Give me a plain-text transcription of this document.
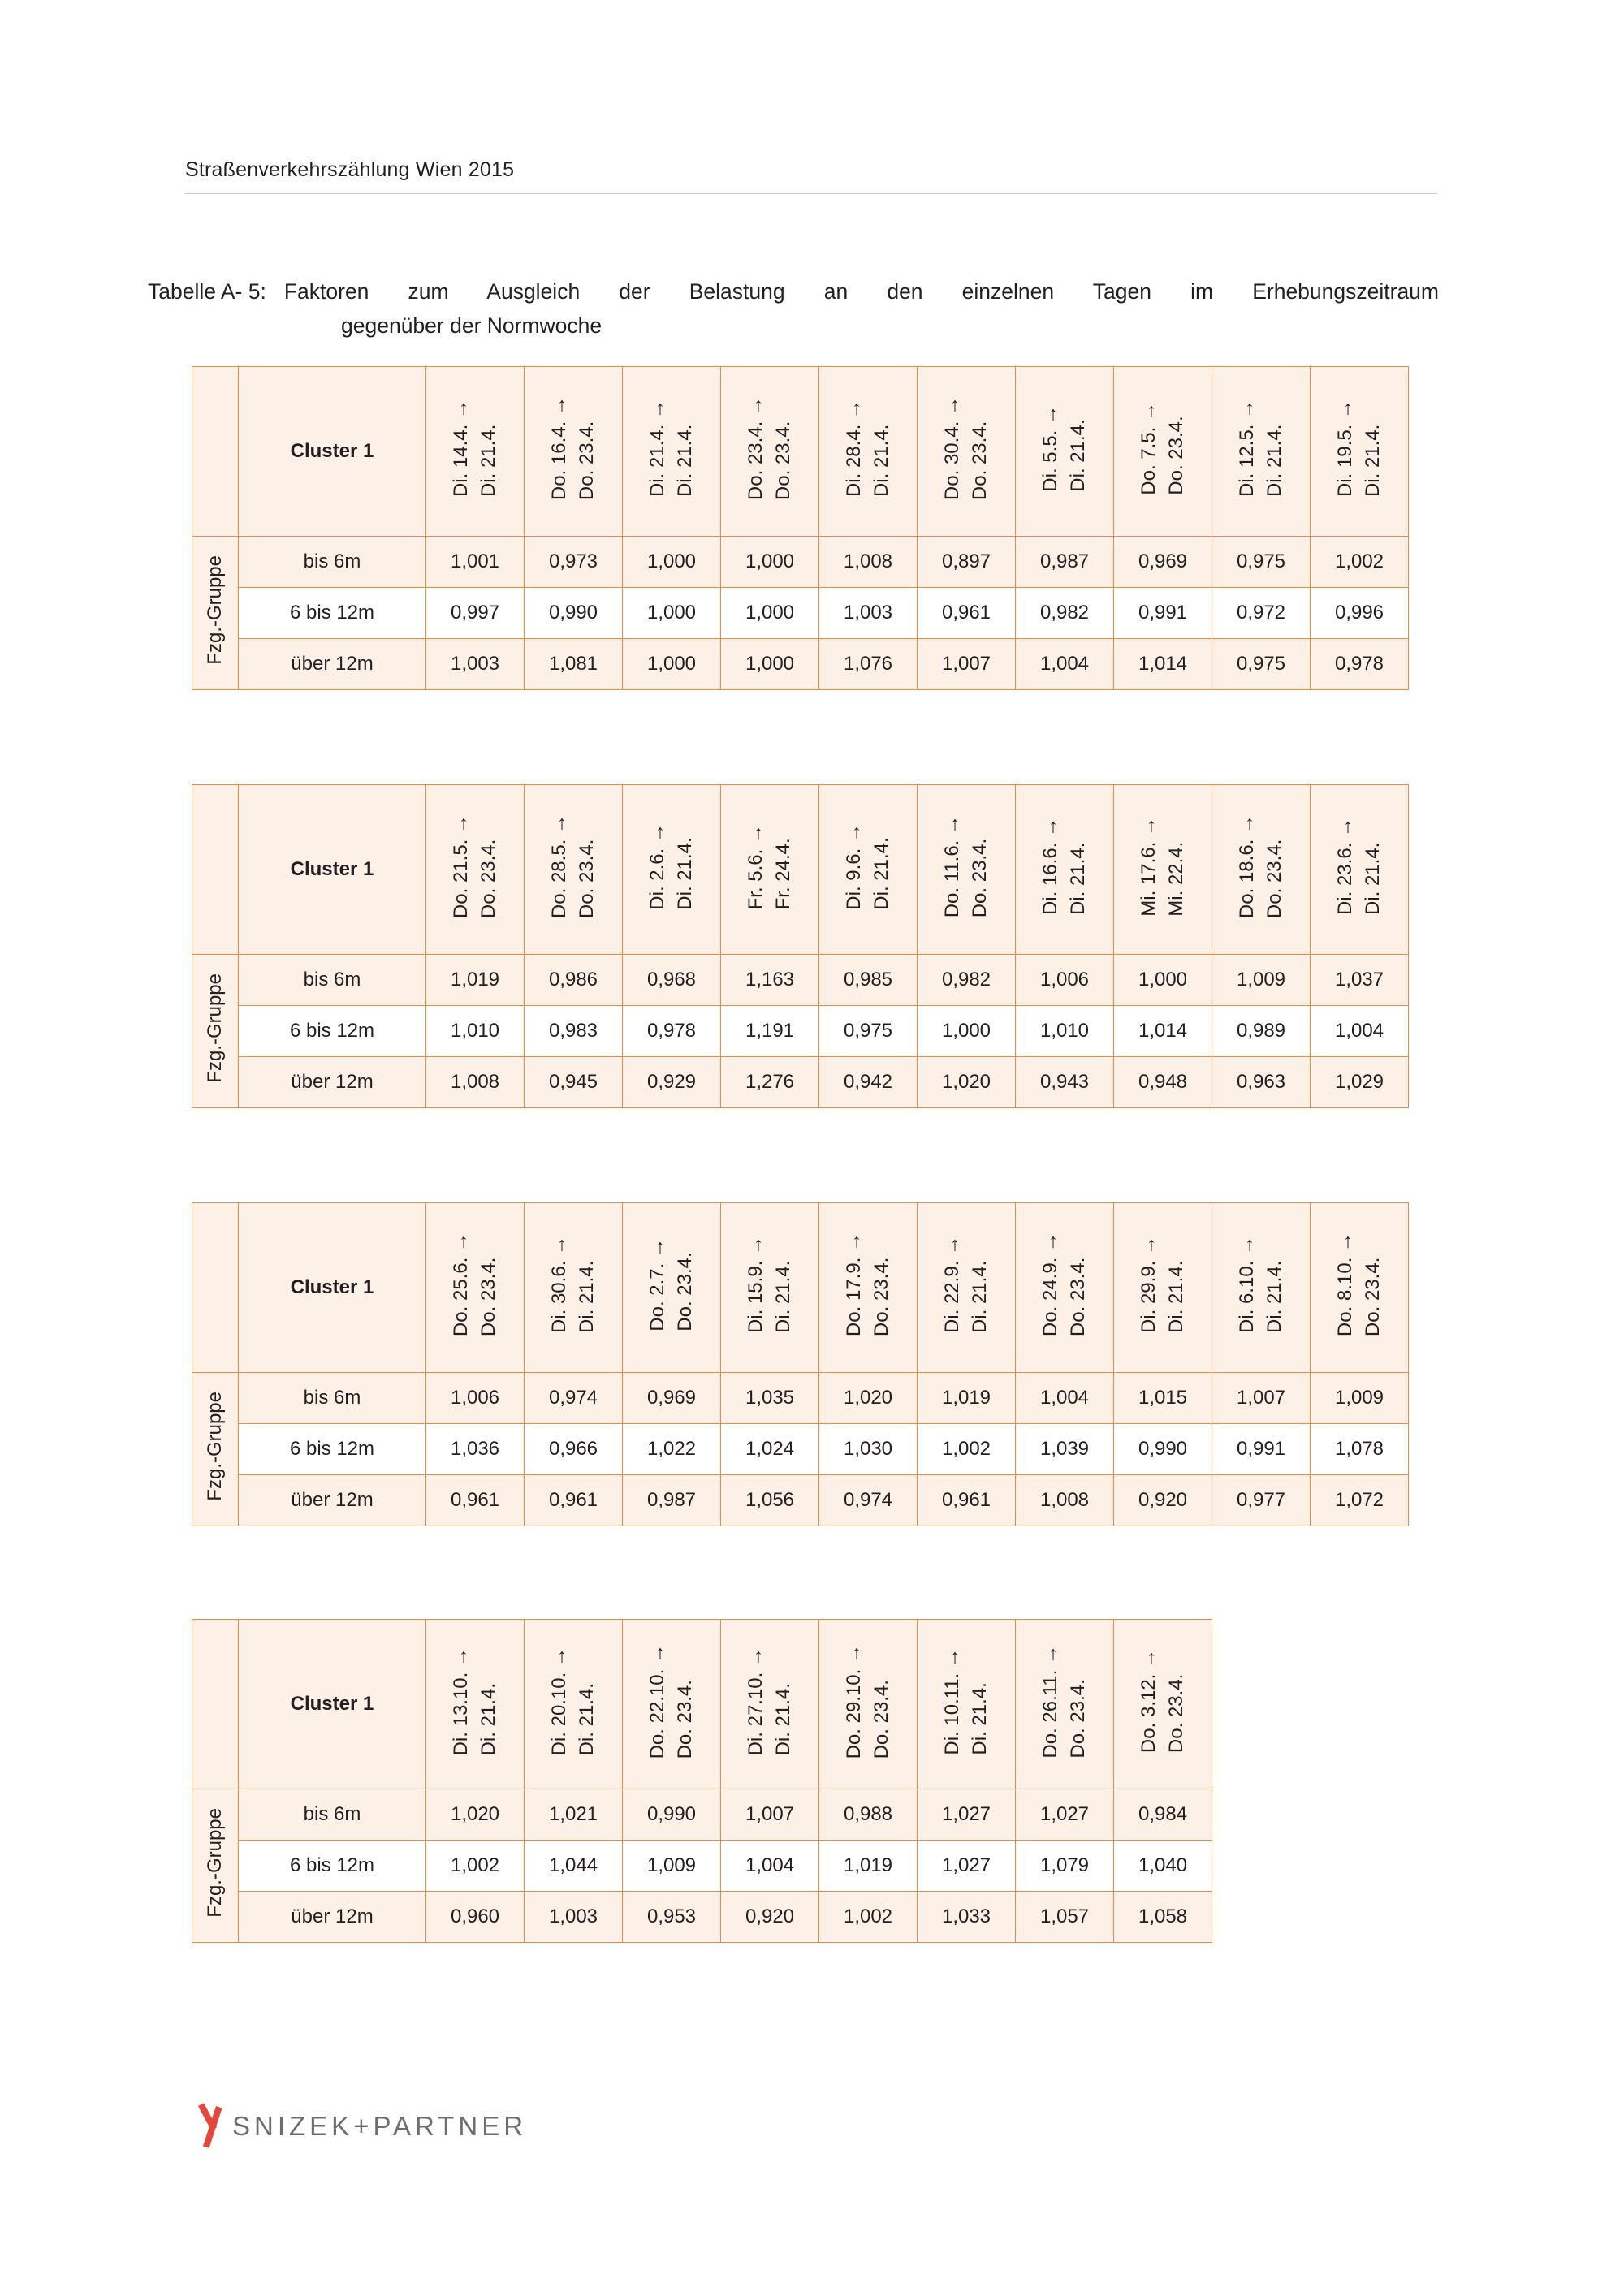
Straßenverkehrszählung Wien 2015
Tabelle A- 5: Faktoren zum Ausgleich der Belastung an den einzelnen Tagen im Erhebungszeitraum
gegenüber der Normwoche
	Cluster 1	Di. 14.4. → Di. 21.4.	Do. 16.4. → Do. 23.4.	Di. 21.4. → Di. 21.4.	Do. 23.4. → Do. 23.4.	Di. 28.4. → Di. 21.4.	Do. 30.4. → Do. 23.4.	Di. 5.5. → Di. 21.4.	Do. 7.5. → Do. 23.4.	Di. 12.5. → Di. 21.4.	Di. 19.5. → Di. 21.4.

Fzg.-Gruppe	bis 6m	1,001	0,973	1,000	1,000	1,008	0,897	0,987	0,969	0,975	1,002
	6 bis 12m	0,997	0,990	1,000	1,000	1,003	0,961	0,982	0,991	0,972	0,996
	über 12m	1,003	1,081	1,000	1,000	1,076	1,007	1,004	1,014	0,975	0,978
	Cluster 1	Do. 21.5. → Do. 23.4.	Do. 28.5. → Do. 23.4.	Di. 2.6. → Di. 21.4.	Fr. 5.6. → Fr. 24.4.	Di. 9.6. → Di. 21.4.	Do. 11.6. → Do. 23.4.	Di. 16.6. → Di. 21.4.	Mi. 17.6. → Mi. 22.4.	Do. 18.6. → Do. 23.4.	Di. 23.6. → Di. 21.4.

Fzg.-Gruppe	bis 6m	1,019	0,986	0,968	1,163	0,985	0,982	1,006	1,000	1,009	1,037
	6 bis 12m	1,010	0,983	0,978	1,191	0,975	1,000	1,010	1,014	0,989	1,004
	über 12m	1,008	0,945	0,929	1,276	0,942	1,020	0,943	0,948	0,963	1,029
	Cluster 1	Do. 25.6. → Do. 23.4.	Di. 30.6. → Di. 21.4.	Do. 2.7. → Do. 23.4.	Di. 15.9. → Di. 21.4.	Do. 17.9. → Do. 23.4.	Di. 22.9. → Di. 21.4.	Do. 24.9. → Do. 23.4.	Di. 29.9. → Di. 21.4.	Di. 6.10. → Di. 21.4.	Do. 8.10. → Do. 23.4.

Fzg.-Gruppe	bis 6m	1,006	0,974	0,969	1,035	1,020	1,019	1,004	1,015	1,007	1,009
	6 bis 12m	1,036	0,966	1,022	1,024	1,030	1,002	1,039	0,990	0,991	1,078
	über 12m	0,961	0,961	0,987	1,056	0,974	0,961	1,008	0,920	0,977	1,072
	Cluster 1	Di. 13.10. → Di. 21.4.	Di. 20.10. → Di. 21.4.	Do. 22.10. → Do. 23.4.	Di. 27.10. → Di. 21.4.	Do. 29.10. → Do. 23.4.	Di. 10.11. → Di. 21.4.	Do. 26.11. → Do. 23.4.	Do. 3.12. → Do. 23.4.

Fzg.-Gruppe	bis 6m	1,020	1,021	0,990	1,007	0,988	1,027	1,027	0,984
	6 bis 12m	1,002	1,044	1,009	1,004	1,019	1,027	1,079	1,040
	über 12m	0,960	1,003	0,953	0,920	1,002	1,033	1,057	1,058
SNIZEK+PARTNER
